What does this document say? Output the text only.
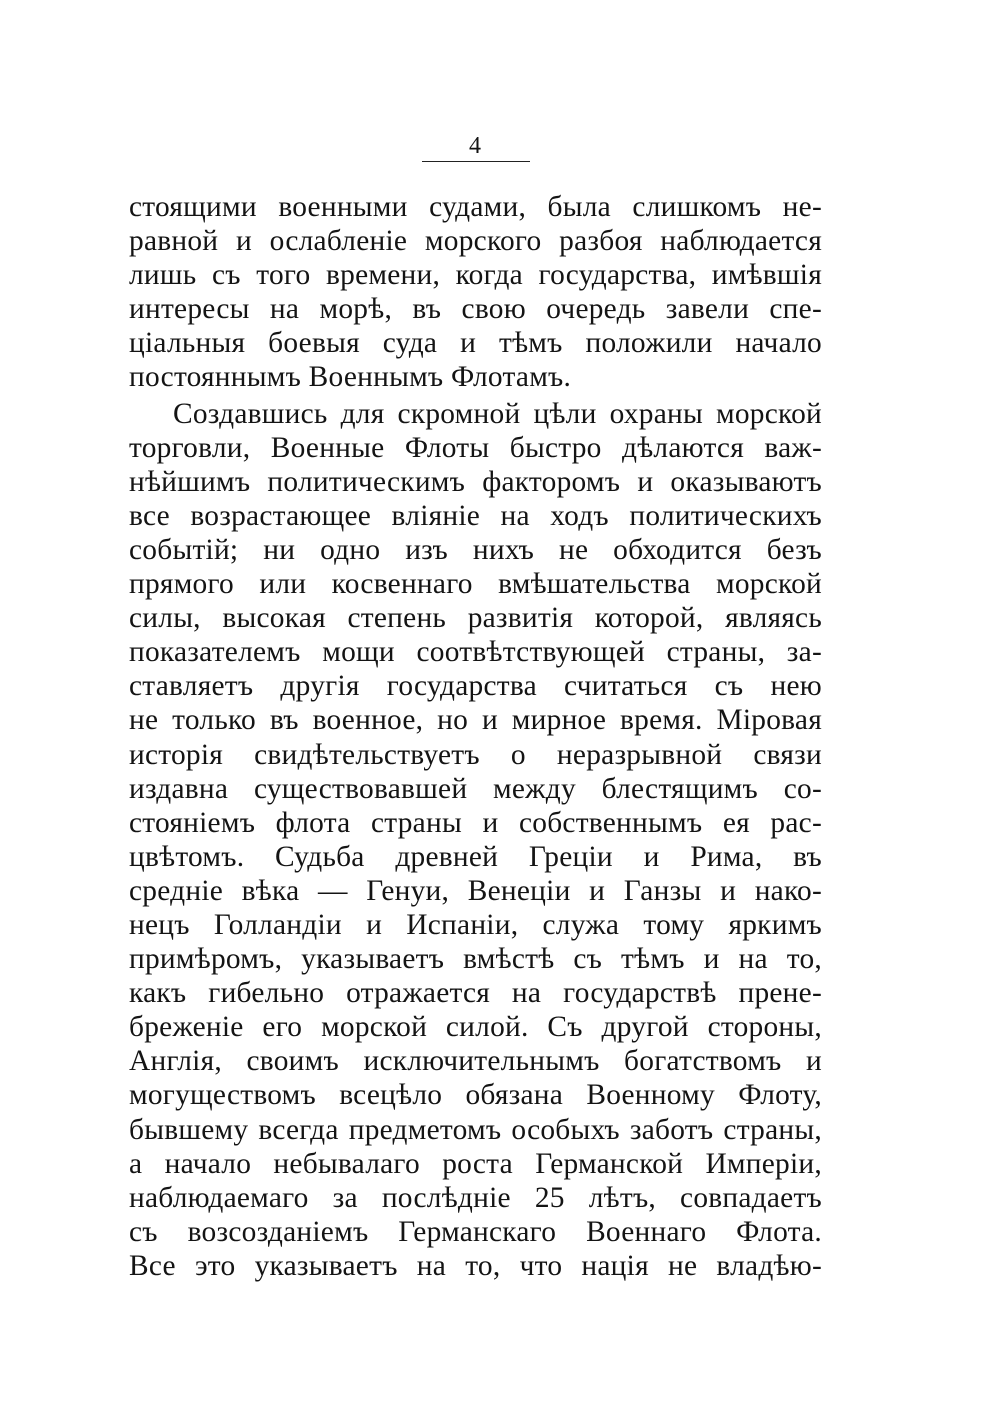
4
стоящими военными судами, была слишкомъ не-
равной и ослабленіе морского разбоя наблюдается
лишь съ того времени, когда государства, имѣвшія
интересы на морѣ, въ свою очередь завели спе-
ціальныя боевыя суда и тѣмъ положили начало
постояннымъ Военнымъ Флотамъ.
Создавшись для скромной цѣли охраны морской
торговли, Военные Флоты быстро дѣлаются важ-
нѣйшимъ политическимъ факторомъ и оказываютъ
все возрастающее вліяніе на ходъ политическихъ
событій; ни одно изъ нихъ не обходится безъ
прямого или косвеннаго вмѣшательства морской
силы, высокая степень развитія которой, являясь
показателемъ мощи соотвѣтствующей страны, за-
ставляетъ другія государства считаться съ нею
не только въ военное, но и мирное время. Міровая
исторія свидѣтельствуетъ о неразрывной связи
издавна существовавшей между блестящимъ со-
стояніемъ флота страны и собственнымъ ея рас-
цвѣтомъ. Судьба древней Греціи и Рима, въ
средніе вѣка — Генуи, Венеціи и Ганзы и нако-
нецъ Голландіи и Испаніи, служа тому яркимъ
примѣромъ, указываетъ вмѣстѣ съ тѣмъ и на то,
какъ гибельно отражается на государствѣ прене-
бреженіе его морской силой. Съ другой стороны,
Англія, своимъ исключительнымъ богатствомъ и
могуществомъ всецѣло обязана Военному Флоту,
бывшему всегда предметомъ особыхъ заботъ страны,
а начало небывалаго роста Германской Имперіи,
наблюдаемаго за послѣдніе 25 лѣтъ, совпадаетъ
съ возсозданіемъ Германскаго Военнаго Флота.
Все это указываетъ на то, что нація не владѣю-
